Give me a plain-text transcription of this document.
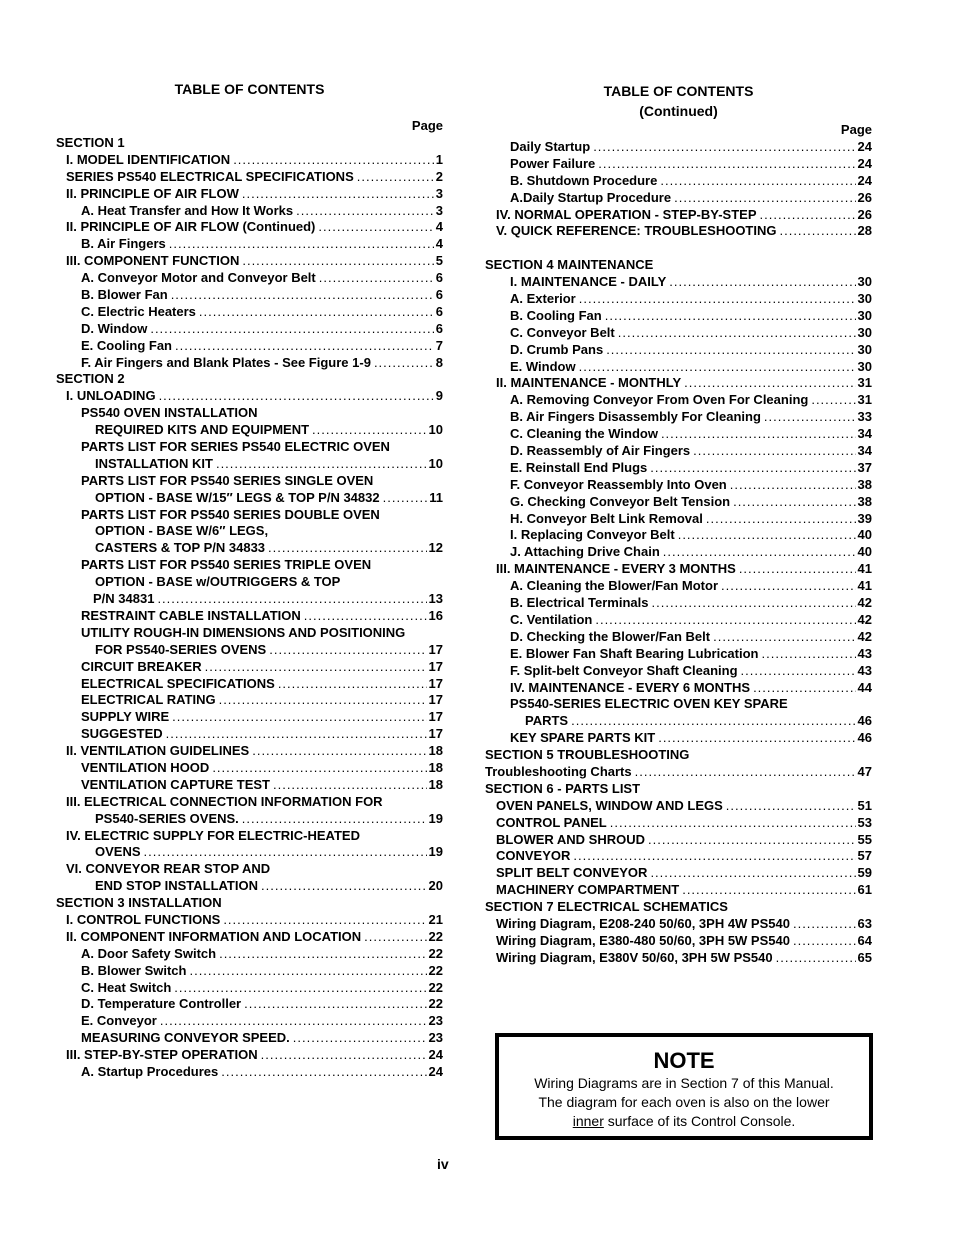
TABLE OF CONTENTS
Page
SECTION 1
I. MODEL IDENTIFICATION .....	1
SERIES PS540 ELECTRICAL SPECIFICATIONS .....	2
II. PRINCIPLE OF AIR FLOW .....	3
A. Heat Transfer and How It Works .....	3
II. PRINCIPLE OF AIR FLOW (Continued) .....	4
B. Air Fingers .....	4
III. COMPONENT FUNCTION .....	5
A. Conveyor Motor and Conveyor Belt .....	6
B. Blower Fan .....	6
C. Electric Heaters .....	6
D. Window .....	6
E. Cooling Fan .....	7
F. Air Fingers and Blank Plates - See Figure 1-9 .....	8
SECTION 2
I. UNLOADING .....	9
PS540 OVEN INSTALLATION
REQUIRED KITS AND EQUIPMENT .....	10
PARTS LIST FOR SERIES PS540 ELECTRIC OVEN
INSTALLATION KIT .....	10
PARTS LIST FOR PS540 SERIES SINGLE OVEN
OPTION - BASE W/15″ LEGS & TOP P/N 34832 .....	11
PARTS LIST FOR PS540 SERIES DOUBLE OVEN
OPTION - BASE W/6″ LEGS,
CASTERS & TOP P/N 34833 .....	12
PARTS LIST FOR PS540 SERIES TRIPLE OVEN
OPTION - BASE w/OUTRIGGERS & TOP
P/N 34831 .....	13
RESTRAINT CABLE INSTALLATION .....	16
UTILITY ROUGH-IN DIMENSIONS AND POSITIONING
FOR PS540-SERIES OVENS .....	17
CIRCUIT BREAKER .....	17
ELECTRICAL SPECIFICATIONS .....	17
ELECTRICAL RATING .....	17
SUPPLY WIRE .....	17
SUGGESTED .....	17
II. VENTILATION GUIDELINES .....	18
VENTILATION HOOD .....	18
VENTILATION CAPTURE TEST .....	18
III. ELECTRICAL CONNECTION INFORMATION FOR
PS540-SERIES OVENS. .....	19
IV. ELECTRIC SUPPLY FOR ELECTRIC-HEATED
OVENS .....	19
VI. CONVEYOR REAR STOP AND
END STOP INSTALLATION .....	20
SECTION 3 INSTALLATION
I. CONTROL FUNCTIONS .....	21
II. COMPONENT INFORMATION AND LOCATION .....	22
A. Door Safety Switch .....	22
B. Blower Switch .....	22
C. Heat Switch .....	22
D. Temperature Controller .....	22
E. Conveyor .....	23
MEASURING CONVEYOR SPEED. .....	23
III. STEP-BY-STEP OPERATION .....	24
A. Startup Procedures .....	24
TABLE OF CONTENTS
(Continued)
Page
Daily Startup .....	24
Power Failure .....	24
B. Shutdown Procedure .....	24
A.Daily Startup Procedure .....	26
IV. NORMAL OPERATION - STEP-BY-STEP .....	26
V. QUICK REFERENCE: TROUBLESHOOTING .....	28
SECTION 4 MAINTENANCE
I. MAINTENANCE - DAILY .....	30
A. Exterior .....	30
B. Cooling Fan .....	30
C. Conveyor Belt .....	30
D. Crumb Pans .....	30
E. Window .....	30
II. MAINTENANCE - MONTHLY .....	31
A. Removing Conveyor From Oven For Cleaning .....	31
B. Air Fingers Disassembly For Cleaning .....	33
C. Cleaning the Window .....	34
D. Reassembly of Air Fingers .....	34
E. Reinstall End Plugs .....	37
F. Conveyor Reassembly Into Oven .....	38
G. Checking Conveyor Belt Tension .....	38
H. Conveyor Belt Link Removal .....	39
I. Replacing Conveyor Belt .....	40
J. Attaching Drive Chain .....	40
III. MAINTENANCE - EVERY 3 MONTHS .....	41
A. Cleaning the Blower/Fan Motor .....	41
B. Electrical Terminals .....	42
C. Ventilation .....	42
D. Checking the Blower/Fan Belt .....	42
E. Blower Fan Shaft Bearing Lubrication .....	43
F. Split-belt Conveyor Shaft Cleaning .....	43
IV. MAINTENANCE - EVERY 6 MONTHS .....	44
PS540-SERIES ELECTRIC OVEN KEY SPARE
PARTS .....	46
KEY SPARE PARTS KIT .....	46
SECTION 5 TROUBLESHOOTING
Troubleshooting Charts .....	47
SECTION 6 - PARTS LIST
OVEN PANELS, WINDOW AND LEGS .....	51
CONTROL PANEL .....	53
BLOWER AND SHROUD .....	55
CONVEYOR .....	57
SPLIT BELT CONVEYOR .....	59
MACHINERY COMPARTMENT .....	61
SECTION 7 ELECTRICAL SCHEMATICS
Wiring Diagram, E208-240 50/60, 3PH 4W PS540 .....	63
Wiring Diagram, E380-480 50/60, 3PH 5W PS540 .....	64
Wiring Diagram, E380V 50/60, 3PH 5W PS540 .....	65
NOTE
Wiring Diagrams are in Section 7 of this Manual.
The diagram for each oven is also on the lower
inner surface of its Control Console.
iv
